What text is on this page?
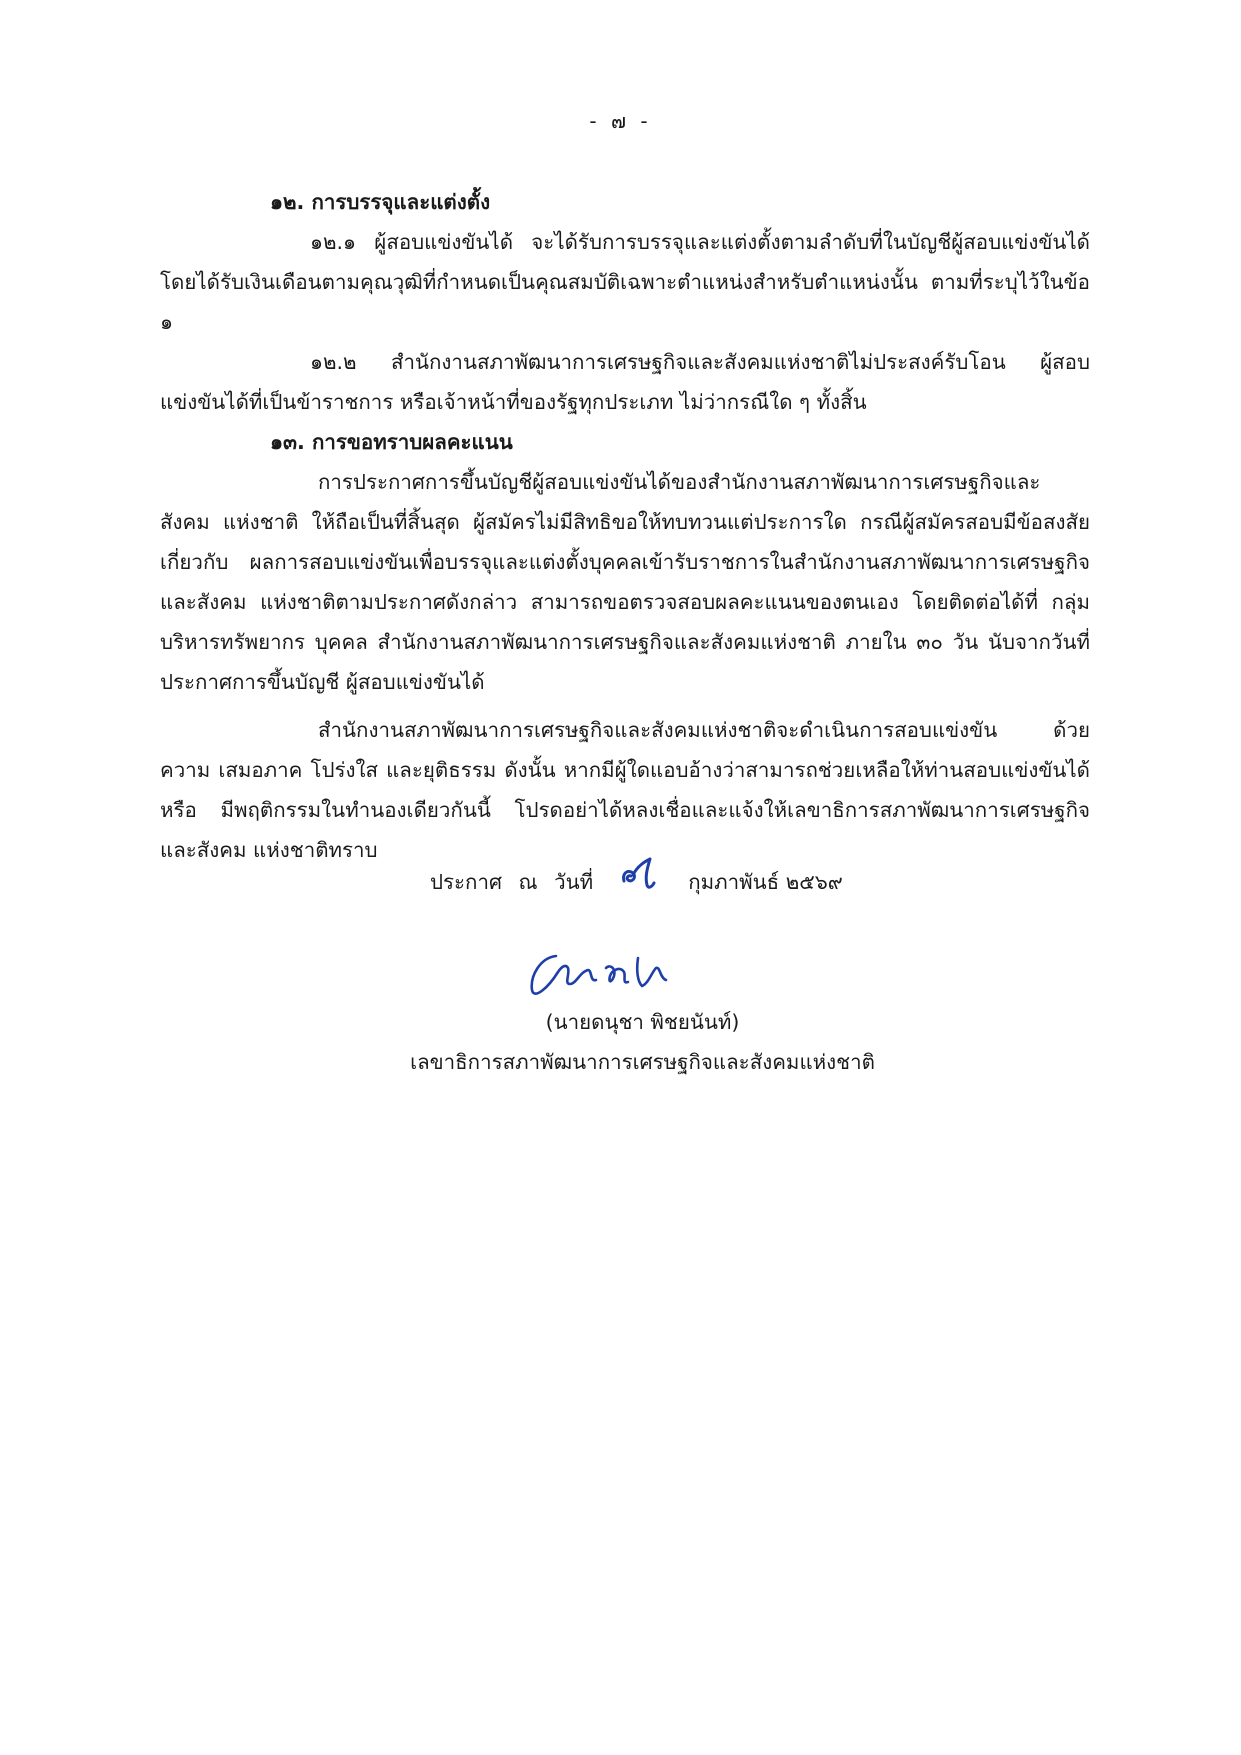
- ๗ -
๑๒. การบรรจุและแต่งตั้ง
๑๒.๑ ผู้สอบแข่งขันได้ จะได้รับการบรรจุและแต่งตั้งตามลำดับที่ในบัญชีผู้สอบแข่งขันได้ โดยได้รับเงินเดือนตามคุณวุฒิที่กำหนดเป็นคุณสมบัติเฉพาะตำแหน่งสำหรับตำแหน่งนั้น ตามที่ระบุไว้ในข้อ ๑
๑๒.๒ สำนักงานสภาพัฒนาการเศรษฐกิจและสังคมแห่งชาติไม่ประสงค์รับโอน ผู้สอบแข่งขันได้ที่เป็นข้าราชการ หรือเจ้าหน้าที่ของรัฐทุกประเภท ไม่ว่ากรณีใด ๆ ทั้งสิ้น
๑๓. การขอทราบผลคะแนน
การประกาศการขึ้นบัญชีผู้สอบแข่งขันได้ของสำนักงานสภาพัฒนาการเศรษฐกิจและสังคม แห่งชาติ ให้ถือเป็นที่สิ้นสุด ผู้สมัครไม่มีสิทธิขอให้ทบทวนแต่ประการใด กรณีผู้สมัครสอบมีข้อสงสัยเกี่ยวกับ ผลการสอบแข่งขันเพื่อบรรจุและแต่งตั้งบุคคลเข้ารับราชการในสำนักงานสภาพัฒนาการเศรษฐกิจและสังคม แห่งชาติตามประกาศดังกล่าว สามารถขอตรวจสอบผลคะแนนของตนเอง โดยติดต่อได้ที่ กลุ่มบริหารทรัพยากร บุคคล สำนักงานสภาพัฒนาการเศรษฐกิจและสังคมแห่งชาติ ภายใน ๓๐ วัน นับจากวันที่ประกาศการขึ้นบัญชี ผู้สอบแข่งขันได้
สำนักงานสภาพัฒนาการเศรษฐกิจและสังคมแห่งชาติจะดำเนินการสอบแข่งขัน ด้วยความ เสมอภาค โปร่งใส และยุติธรรม ดังนั้น หากมีผู้ใดแอบอ้างว่าสามารถช่วยเหลือให้ท่านสอบแข่งขันได้หรือ มีพฤติกรรมในทำนองเดียวกันนี้ โปรดอย่าได้หลงเชื่อและแจ้งให้เลขาธิการสภาพัฒนาการเศรษฐกิจและสังคม แห่งชาติทราบ
ประกาศ ณ วันที่	กุมภาพันธ์ ๒๕๖๙
(นายดนุชา พิชยนันท์)
เลขาธิการสภาพัฒนาการเศรษฐกิจและสังคมแห่งชาติ
